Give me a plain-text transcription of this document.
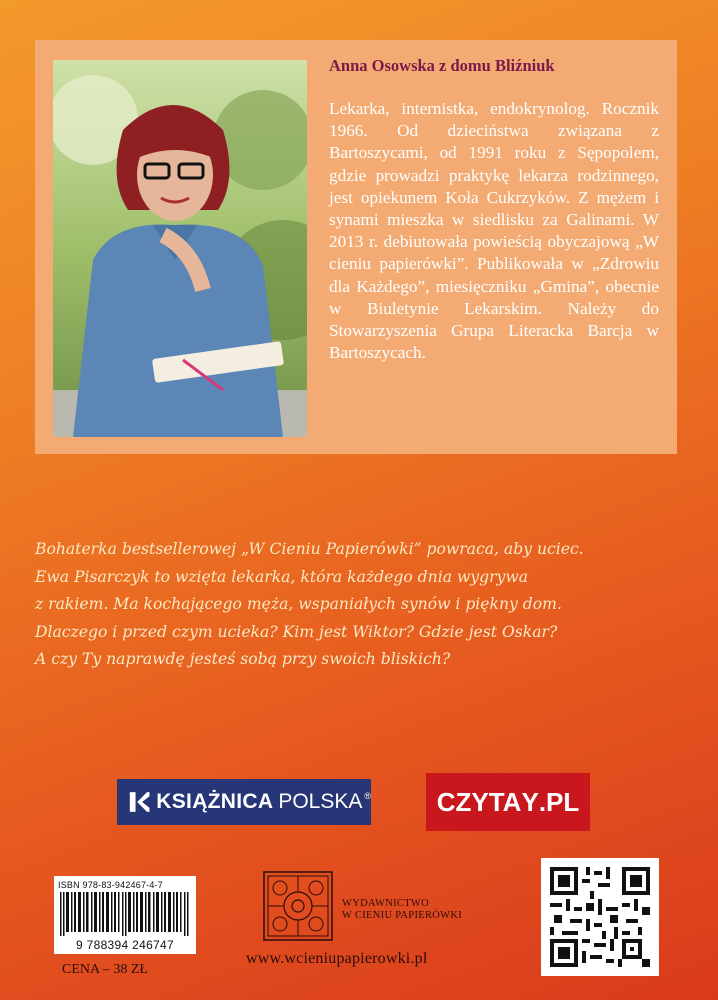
Anna Osowska z domu Bliźniuk

Lekarka, internistka, endokrynolog. Rocznik 1966. Od dzieciństwa związana z Bartoszycami, od 1991 roku z Sępopolem, gdzie prowadzi praktykę lekarza rodzinnego, jest opiekunem Koła Cukrzyków. Z mężem i synami mieszka w siedlisku za Galinami. W 2013 r. debiutowała powieścią obyczajową „W cieniu papierówki”. Publikowała w „Zdrowiu dla Każdego”, miesięczniku „Gmina”, obecnie w Biuletynie Lekarskim. Należy do Stowarzyszenia Grupa Literacka Barcja w Bartoszycach.

Bohaterka bestsellerowej „W Cieniu Papierówki” powraca, aby uciec.
Ewa Pisarczyk to wzięta lekarka, która każdego dnia wygrywa
z rakiem. Ma kochającego męża, wspaniałych synów i piękny dom.
Dlaczego i przed czym ucieka? Kim jest Wiktor? Gdzie jest Oskar?
A czy Ty naprawdę jesteś sobą przy swoich bliskich?
KSIĄŻNICA POLSKA ®	CZYTA Y .PL
ISBN 978-83-942467-4-7
9 788394 246747
CENA – 38 ZŁ
WYDAWNICTWO
W CIENIU PAPIERÓWKI
www.wcieniupapierowki.pl
